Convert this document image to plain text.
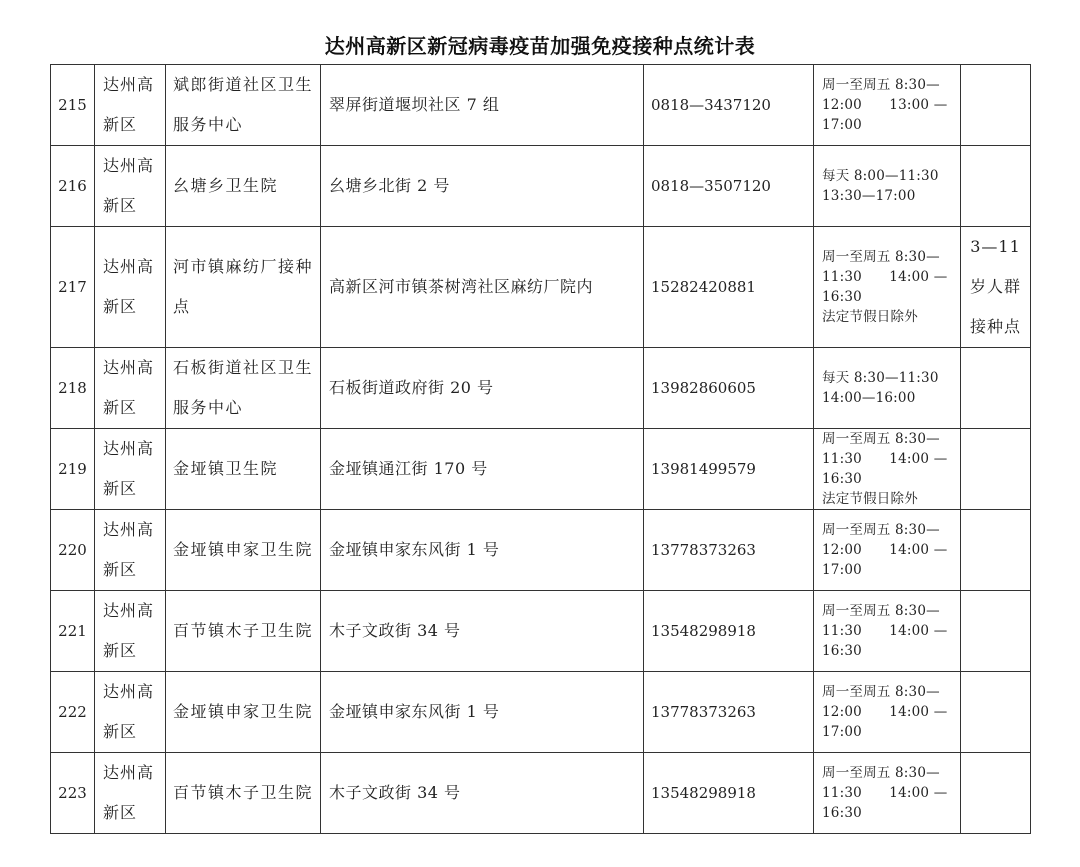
达州高新区新冠病毒疫苗加强免疫接种点统计表
215	达州高
新区	斌郎街道社区卫生服务中心	翠屏街道堰坝社区 7 组	0818—3437120	周一至周五 8:30—
12:00　　13:00 —
17:00	

216	达州高
新区	幺塘乡卫生院	幺塘乡北街 2 号	0818—3507120	每天 8:00—11:30
13:30—17:00	

217	达州高
新区	河市镇麻纺厂接种点	高新区河市镇茶树湾社区麻纺厂院内	15282420881	周一至周五 8:30—
11:30　　14:00 —
16:30
法定节假日除外	3—11
岁人群
接种点

218	达州高
新区	石板街道社区卫生服务中心	石板街道政府街 20 号	13982860605	每天 8:30—11:30
14:00—16:00	

219	达州高
新区	金垭镇卫生院	金垭镇通江街 170 号	13981499579	周一至周五 8:30—
11:30　　14:00 —
16:30
法定节假日除外	

220	达州高
新区	金垭镇申家卫生院	金垭镇申家东风街 1 号	13778373263	周一至周五 8:30—
12:00　　14:00 —
17:00	

221	达州高
新区	百节镇木子卫生院	木子文政街 34 号	13548298918	周一至周五 8:30—
11:30　　14:00 —
16:30	
222	达州高
新区	金垭镇申家卫生院	金垭镇申家东风街 1 号	13778373263	周一至周五 8:30—
12:00　　14:00 —
17:00	

223	达州高
新区	百节镇木子卫生院	木子文政街 34 号	13548298918	周一至周五 8:30—
11:30　　14:00 —
16:30	
